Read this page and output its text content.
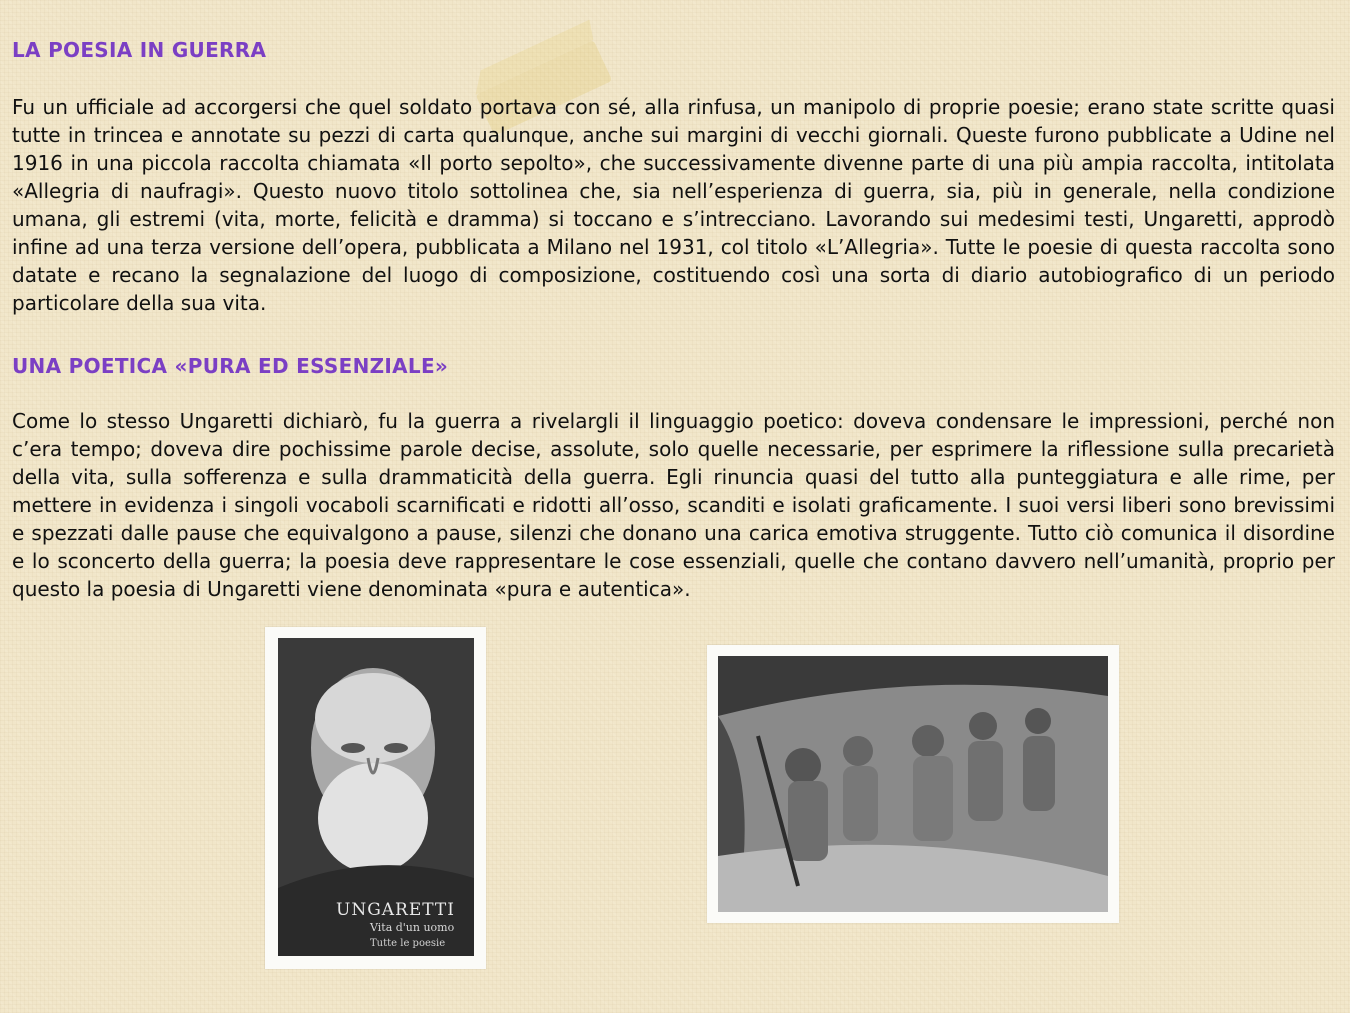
LA POESIA IN GUERRA

Fu un ufficiale ad accorgersi che quel soldato portava con sé, alla rinfusa, un manipolo di proprie poesie; erano state scritte quasi tutte in trincea e annotate su pezzi di carta qualunque, anche sui margini di vecchi giornali. Queste furono pubblicate a Udine nel 1916 in una piccola raccolta chiamata «Il porto sepolto», che successivamente divenne parte di una più ampia raccolta, intitolata «Allegria di naufragi». Questo nuovo titolo sottolinea che, sia nell’esperienza di guerra, sia, più in generale, nella condizione umana, gli estremi (vita, morte, felicità e dramma) si toccano e s’intrecciano. Lavorando sui medesimi testi, Ungaretti, approdò infine ad una terza versione dell’opera, pubblicata a Milano nel 1931, col titolo «L’Allegria». Tutte le poesie di questa raccolta sono datate e recano la segnalazione del luogo di composizione, costituendo così una sorta di diario autobiografico di un periodo particolare della sua vita.

UNA POETICA «PURA ED ESSENZIALE»

Come lo stesso Ungaretti dichiarò, fu la guerra a rivelargli il linguaggio poetico: doveva condensare le impressioni, perché non c’era tempo; doveva dire pochissime parole decise, assolute, solo quelle necessarie, per esprimere la riflessione sulla precarietà della vita, sulla sofferenza e sulla drammaticità della guerra. Egli rinuncia quasi del tutto alla punteggiatura e alle rime, per mettere in evidenza i singoli vocaboli scarnificati e ridotti all’osso, scanditi e isolati graficamente. I suoi versi liberi sono brevissimi e spezzati dalle pause che equivalgono a pause, silenzi che donano una carica emotiva struggente. Tutto ciò comunica il disordine e lo sconcerto della guerra; la poesia deve rappresentare le cose essenziali, quelle che contano davvero nell’umanità, proprio per questo la poesia di Ungaretti viene denominata «pura e autentica».

UNGARETTI
Vita d'un uomo
Tutte le poesie
